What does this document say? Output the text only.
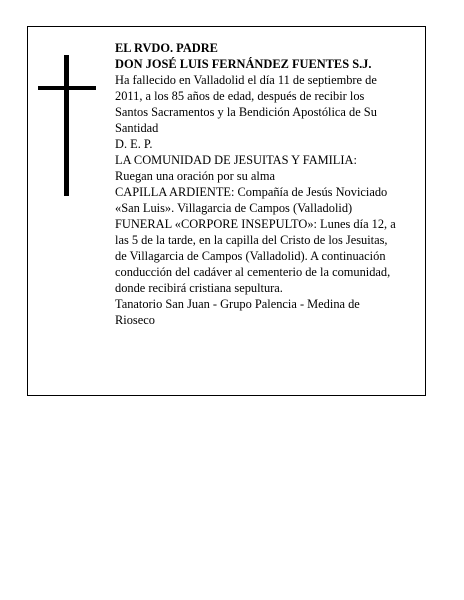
EL RVDO. PADRE
DON JOSÉ LUIS FERNÁNDEZ FUENTES S.J.
Ha fallecido en Valladolid el día 11 de septiembre de
2011, a los 85 años de edad, después de recibir los
Santos Sacramentos y la Bendición Apostólica de Su
Santidad
D. E. P.
LA COMUNIDAD DE JESUITAS Y FAMILIA:
Ruegan una oración por su alma
CAPILLA ARDIENTE: Compañía de Jesús Noviciado
«San Luis». Villagarcia de Campos (Valladolid)
FUNERAL «CORPORE INSEPULTO»: Lunes día 12, a
las 5 de la tarde, en la capilla del Cristo de los Jesuitas,
de Villagarcia de Campos (Valladolid). A continuación
conducción del cadáver al cementerio de la comunidad,
donde recibirá cristiana sepultura.
Tanatorio San Juan - Grupo Palencia - Medina de
Rioseco
